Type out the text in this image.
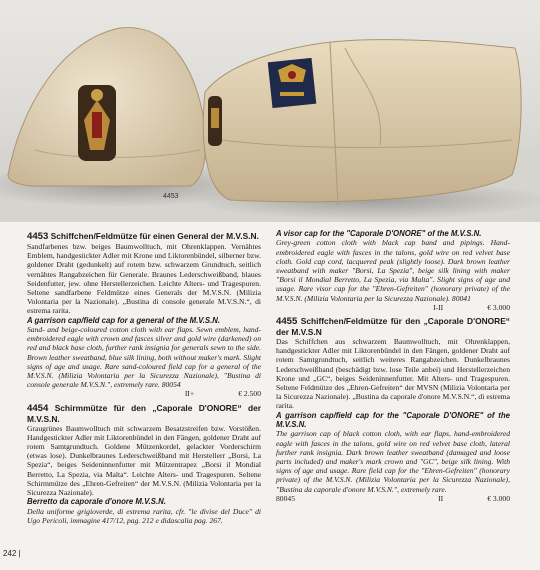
4453
4453 Schiffchen/Feldmütze für einen General der M.V.S.N.

Sandfarbenes bzw. beiges Baumwolltuch, mit Ohrenklappen. Vernähtes Emblem, handgestickter Adler mit Krone und Liktorenbündel, silberner bzw. goldener Draht (gedunkelt) auf rotem bzw. schwarzem Grundtuch, seitlich vernähtes Rangabzeichen für Generale. Braunes Lederschweißband, blaues Seidenfutter, jew. ohne Herstellerzeichen. Leichte Alters- und Tragespuren. Seltene sandfarbene Feldmütze eines Generals der M.V.S.N. (Milizia Volontaria per la Nazionale). „Bustina di console generale M.V.S.N.“, di estrema rarita.

A garrison cap/field cap for a general of the M.V.S.N.

Sand- and beige-coloured cotton cloth with ear flaps. Sewn emblem, hand-embroidered eagle with crown and fasces silver and gold wire (darkened) on red and black base cloth, further rank insignia for generals sewn to the side. Brown leather sweatband, blue silk lining, both without maker's mark. Slight signs of age and usage. Rare sand-coloured field cap for a general of the M.V.S.N. (Milizia Volontaria per la Sicurezza Nazionale), "Bustina di console generale M.V.S.N.", extremely rare. 80054

II+	€ 2.500
4454 Schirmmütze für den „Caporale D'ONORE“ der M.V.S.N.

Graugrünes Baumwolltuch mit schwarzem Besatzstreifen bzw. Vorstößen. Handgestickter Adler mit Liktorenbündel in den Fängen, goldener Draht auf rotem Samtgrundtuch. Goldene Mützenkordel, gelackter Vorderschirm (etwas lose). Dunkelbraunes Lederschweißband mit Herstellerr „Borsi, La Spezia“, beiges Seideninnenfutter mit Mützentrapez „Borsi il Mondial Berretto, La Spezia, via Malta“. Leichte Alters- und Tragespuren. Seltene Schirmmütze des „Ehren-Gefreiten“ der M.V.S.N. (Milizia Volontaria per la Sicurezza Nazionale).

Berretto da caporale d'onore M.V.S.N.

Della uniforme grigioverde, di estrema rarita, cfr. "le divise del Duce" di Ugo Pericoli, immagine 417/12, pag. 212 e didascalia pag. 267.

A visor cap for the "Caporale D'ONORE" of the M.V.S.N.

Grey-green cotton cloth with black cap band and pipings. Hand-embroidered eagle with fasces in the talons, gold wire on red velvet base cloth. Gold cap cord, lacquered peak (slightly loose). Dark brown leather sweatband with maker "Borsi, La Spezia", beige silk lining with maker "Borsi il Mondial Berretto, La Spezia, via Malta". Slight signs of age and usage. Rare visor cap for the "Ehren-Gefreiten" (honorary private) of the M.V.S.N. (Milizia Volontaria per la Sicurezza Nazionale). 80041

I-II	€ 3.000
4455 Schiffchen/Feldmütze für den „Caporale D'ONORE“ der M.V.S.N

Das Schiffchen aus schwarzem Baumwolltuch, mit Ohrenklappen, handgestickter Adler mit Liktorenbündel in den Fängen, goldener Draht auf rotem Samtgrundtuch, seitlich weiteres Rangabzeichen. Dunkelbraunes Lederschweißband (beschädigt bzw. lose Teile anbei) und Herstellerzeichen Krone und „GC“, beiges Seideninnenfutter. Mit Alters- und Tragespuren. Seltene Feldmütze des „Ehren-Gefreiten“ der MVSN (Milizia Volontaria per la Sicurezza Nazionale). „Bustina da caporale d'onore M.V.S.N.“, di estrema rarita.

A garrison cap/field cap for the "Caporale D'ONORE" of the M.V.S.N.

The garrison cap of black cotton cloth, with ear flaps, hand-embroidered eagle with fasces in the talons, gold wire on red velvet base cloth, lateral further rank insignia. Dark brown leather sweatband (damaged and loose parts included) and maker's mark crown and "GC", beige silk lining. With signs of age and usage. Rare field cap for the "Ehren-Gefreiten" (honorary private) of the M.V.S.N. (Milizia Volontaria per la Sicurezza Nazionale), "Bustina da caporale d'onore M.V.S.N.", extremely rare.

80045	II	€ 3.000
242 |
